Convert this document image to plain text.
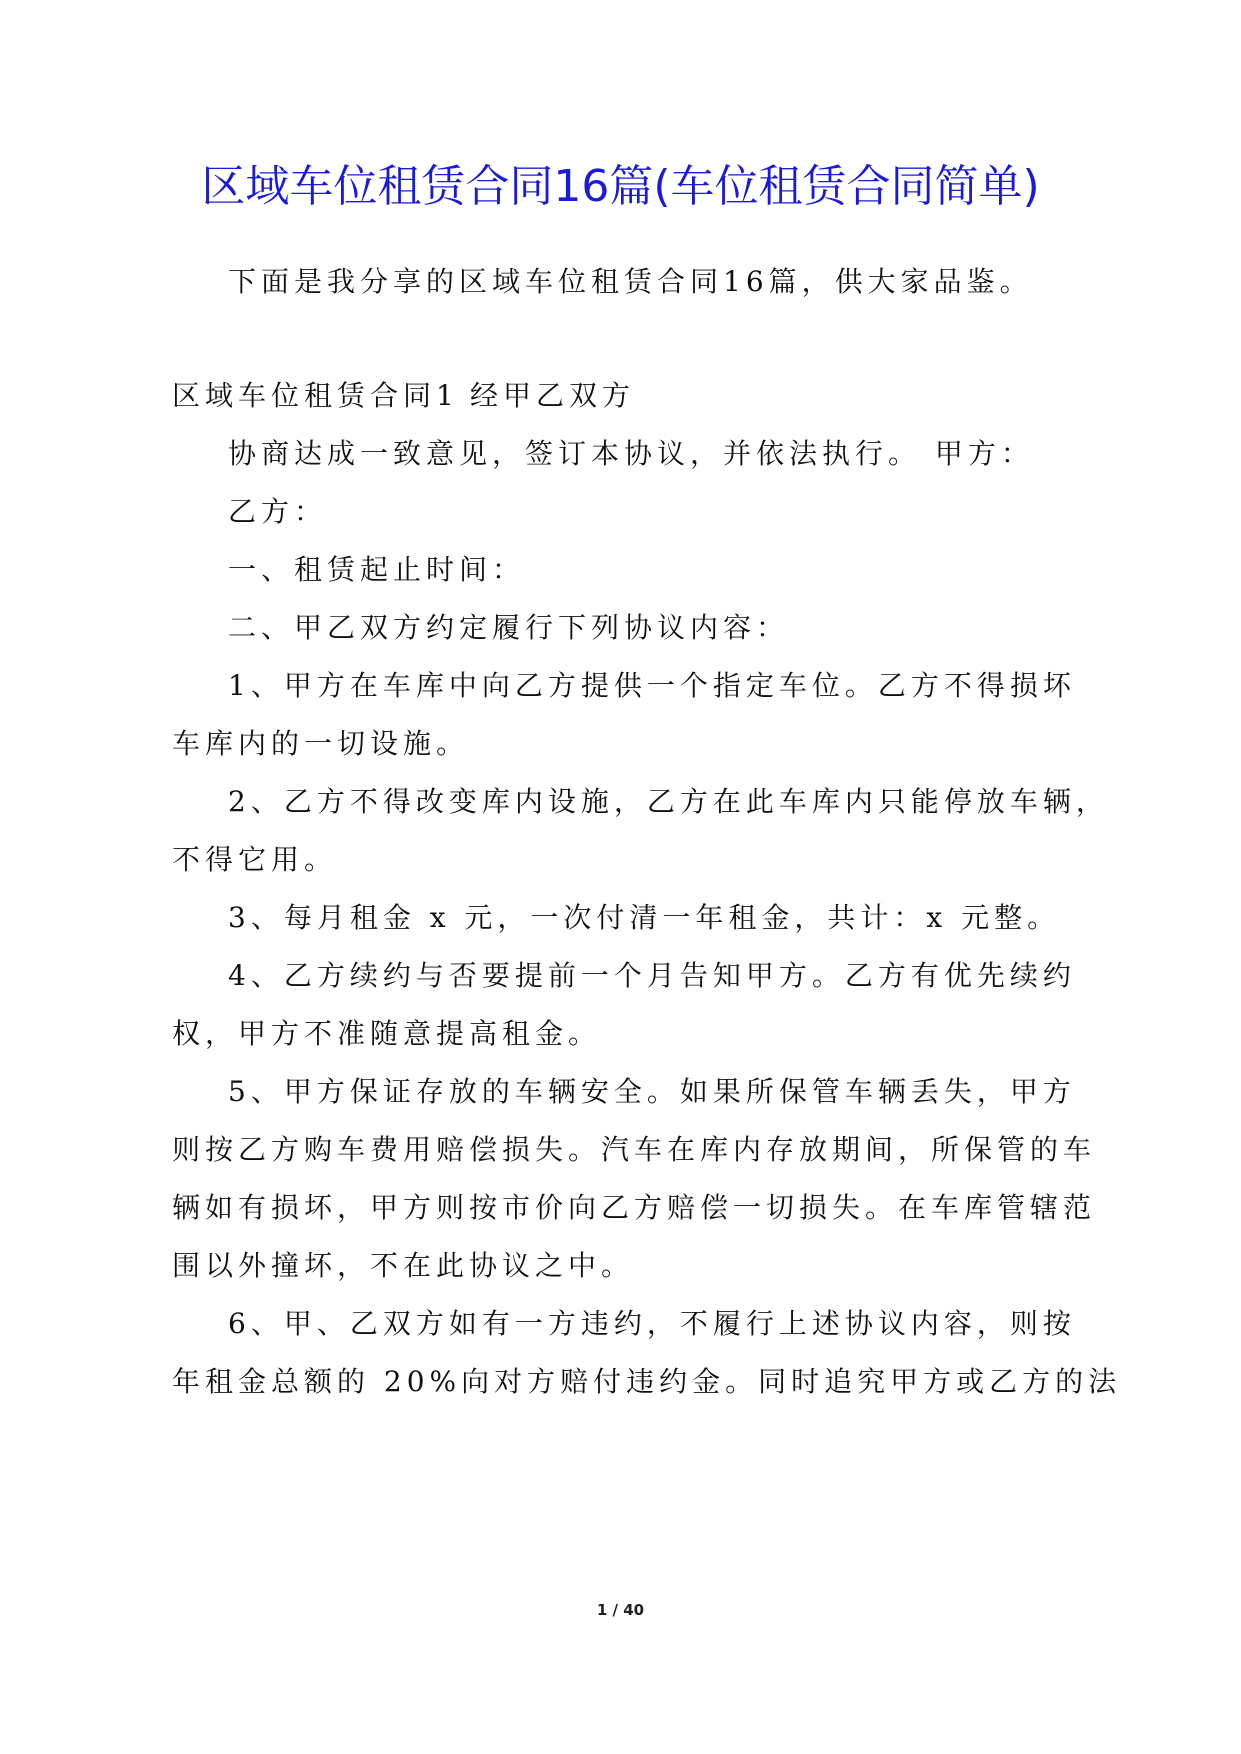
区域车位租赁合同16篇(车位租赁合同简单)
下面是我分享的区域车位租赁合同16篇，供大家品鉴。
区域车位租赁合同1 经甲乙双方
协商达成一致意见，签订本协议，并依法执行。 甲方：
乙方：
一、租赁起止时间：
二、甲乙双方约定履行下列协议内容：
1、甲方在车库中向乙方提供一个指定车位。乙方不得损坏
车库内的一切设施。
2、乙方不得改变库内设施，乙方在此车库内只能停放车辆，
不得它用。
3、每月租金 x 元，一次付清一年租金，共计：x 元整。
4、乙方续约与否要提前一个月告知甲方。乙方有优先续约
权，甲方不准随意提高租金。
5、甲方保证存放的车辆安全。如果所保管车辆丢失，甲方
则按乙方购车费用赔偿损失。汽车在库内存放期间，所保管的车
辆如有损坏，甲方则按市价向乙方赔偿一切损失。在车库管辖范
围以外撞坏，不在此协议之中。
6、甲、乙双方如有一方违约，不履行上述协议内容，则按
年租金总额的 20%向对方赔付违约金。同时追究甲方或乙方的法
1 / 40
